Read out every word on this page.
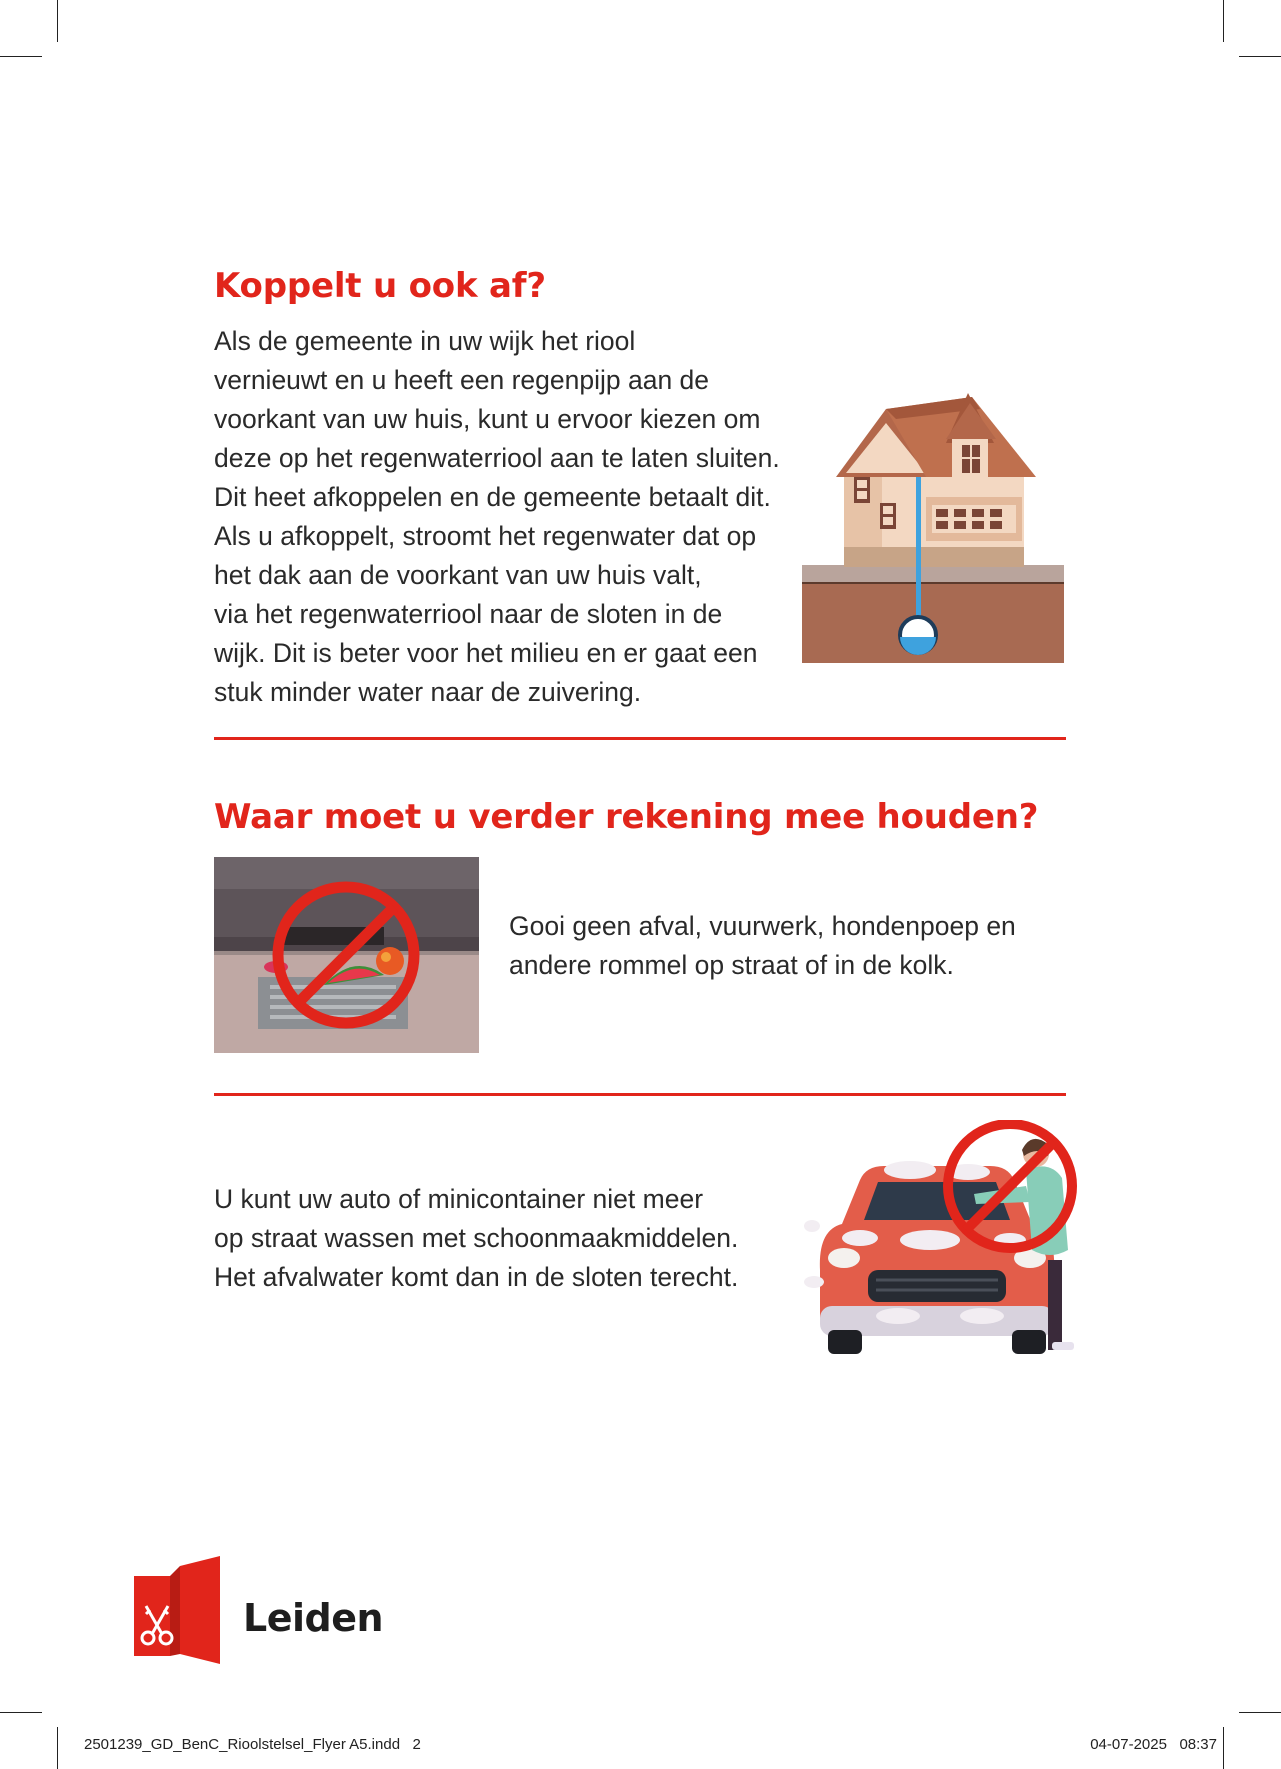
Koppelt u ook af?
Als de gemeente in uw wijk het riool
vernieuwt en u heeft een regenpijp aan de
voorkant van uw huis, kunt u ervoor kiezen om
deze op het regenwaterriool aan te laten sluiten.
Dit heet afkoppelen en de gemeente betaalt dit.
Als u afkoppelt, stroomt het regenwater dat op
het dak aan de voorkant van uw huis valt,
via het regenwaterriool naar de sloten in de
wijk. Dit is beter voor het milieu en er gaat een
stuk minder water naar de zuivering.
Waar moet u verder rekening mee houden?
Gooi geen afval, vuurwerk, hondenpoep en
andere rommel op straat of in de kolk.
U kunt uw auto of minicontainer niet meer
op straat wassen met schoonmaakmiddelen.
Het afvalwater komt dan in de sloten terecht.
Leiden
2501239_GD_BenC_Rioolstelsel_Flyer A5.indd   2	04-07-2025   08:37
